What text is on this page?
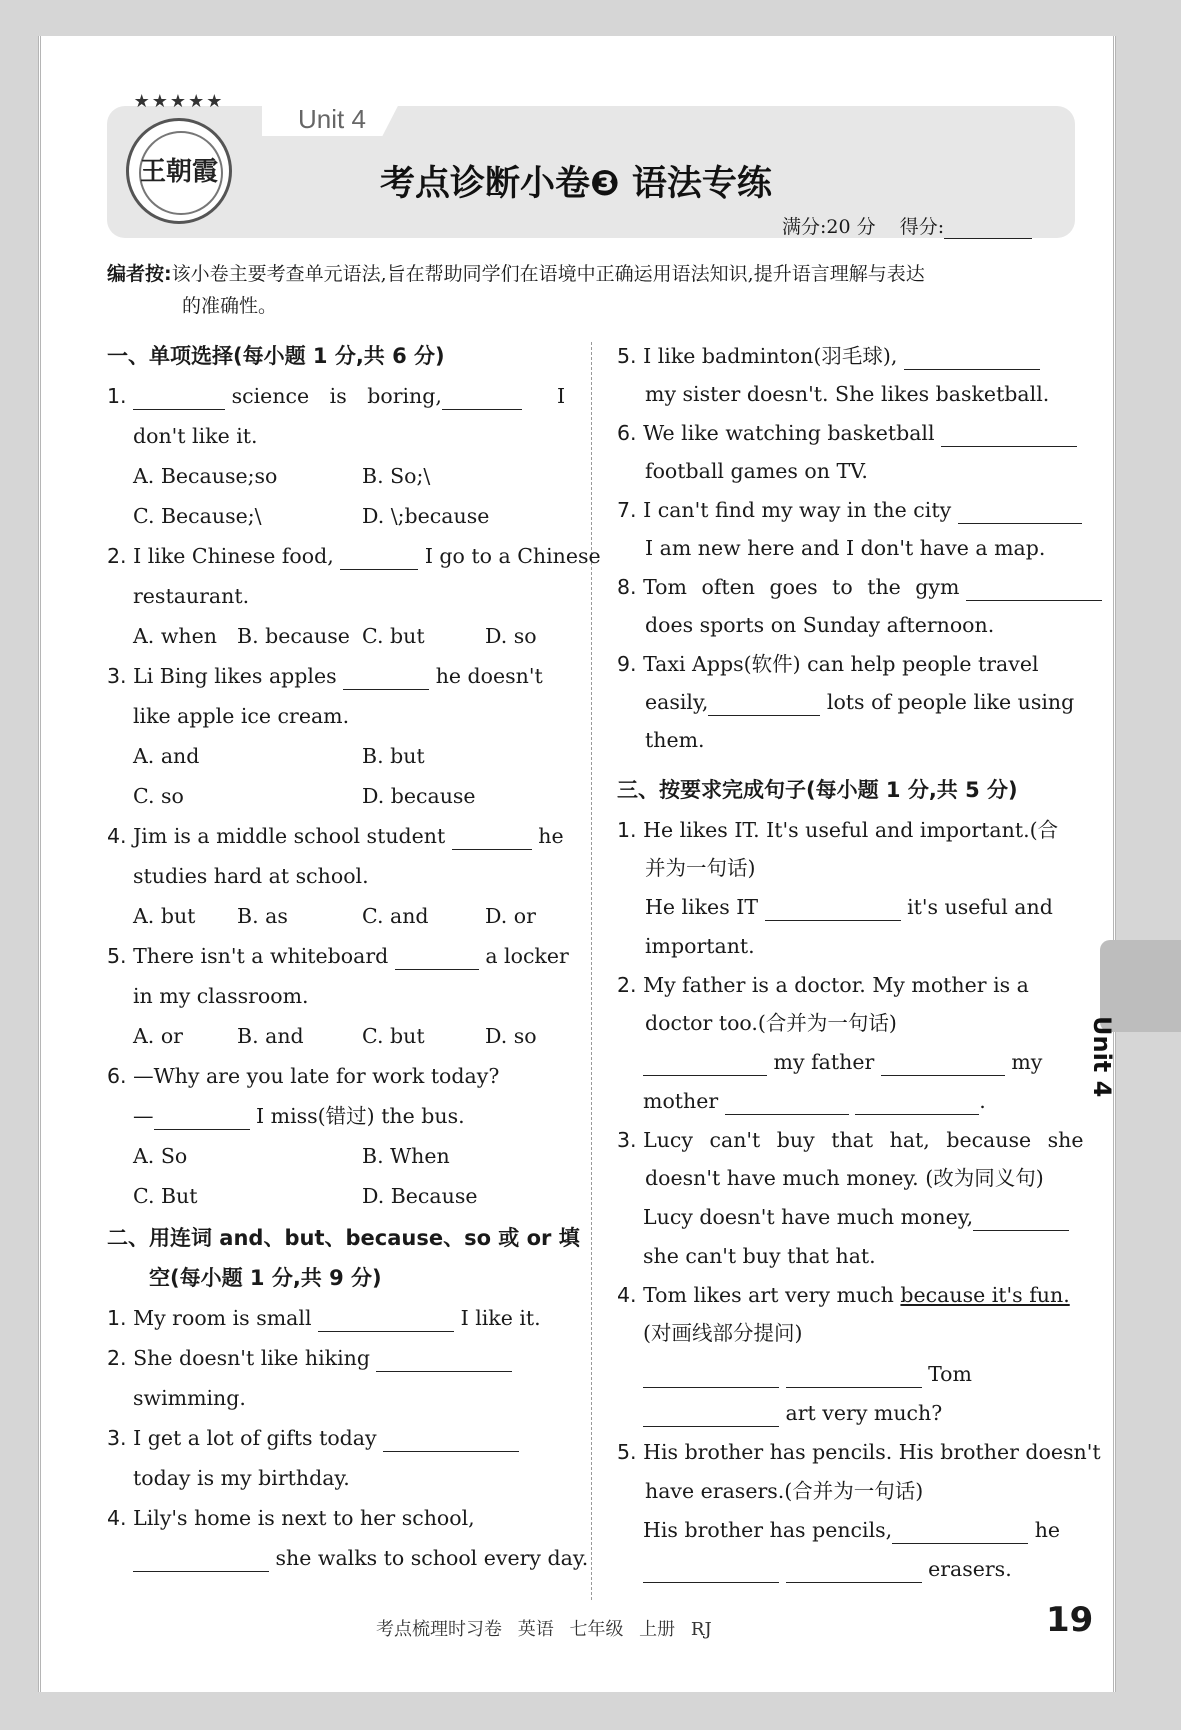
Unit 4
★★★★★
王朝霞	考点诊断小卷❸ 语法专练
满分:20 分 得分:
编者按:该小卷主要考查单元语法,旨在帮助同学们在语境中正确运用语法知识,提升语言理解与表达
的准确性。
一、单项选择(每小题 1 分,共 6 分)
1.	science is boring,	I
don't like it.
A. Because;so	B. So;\
C. Because;\	D. \;because
2. I like Chinese food,	I go to a Chinese
restaurant.
A. when B. because C. but	D. so
3. Li Bing likes apples	he doesn't
like apple ice cream.
A. and	B. but
C. so	D. because
4. Jim is a middle school student	he
studies hard at school.
A. but B. as	C. and	D. or
5. There isn't a whiteboard	a locker
in my classroom.
A. or	B. and	C. but	D. so
6. —Why are you late for work today?
—	I miss(错过) the bus.
A. So	B. When
C. But	D. Because
二、用连词 and、but、because、so 或 or 填
空(每小题 1 分,共 9 分)
1. My room is small	I like it.
2. She doesn't like hiking
swimming.
3. I get a lot of gifts today
today is my birthday.
4. Lily's home is next to her school,
she walks to school every day.
5. I like badminton(羽毛球),
my sister doesn't. She likes basketball.
6. We like watching basketball
football games on TV.
7. I can't find my way in the city
I am new here and I don't have a map.
8. Tom often goes to the gym
does sports on Sunday afternoon.
9. Taxi Apps(软件) can help people travel
easily,	lots of people like using
them.
三、按要求完成句子(每小题 1 分,共 5 分)
1. He likes IT. It's useful and important.(合
并为一句话)
He likes IT	it's useful and
important.
2. My father is a doctor. My mother is a
doctor too.(合并为一句话)
my father	my
mother	.
3. Lucy can't buy that hat, because she
doesn't have much money. (改为同义句)
Lucy doesn't have much money,
she can't buy that hat.
4. Tom likes art very much because it's fun.
(对画线部分提问)
Tom
art very much?
5. His brother has pencils. His brother doesn't
have erasers.(合并为一句话)
His brother has pencils,	he
erasers.
Unit 4
考点梳理时习卷 英语 七年级 上册 RJ	19
